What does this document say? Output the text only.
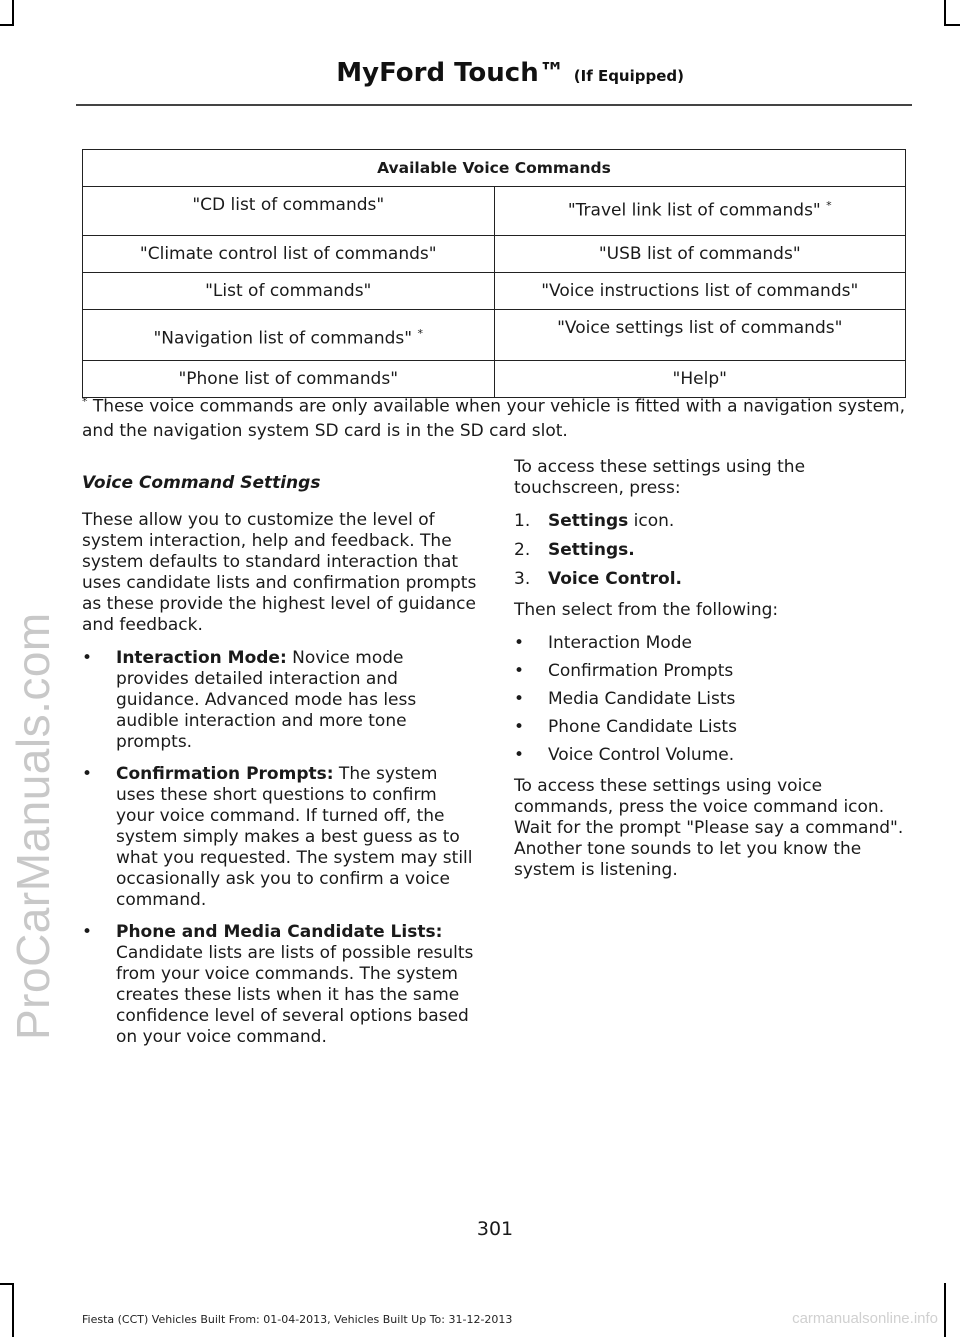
ProCarManuals.com
MyFord Touch™ (If Equipped)
Available Voice Commands	
"CD list of commands"	"Travel link list of commands" *
"Climate control list of commands"	"USB list of commands"
"List of commands"	"Voice instructions list of commands"
"Navigation list of commands" *	"Voice settings list of commands"
"Phone list of commands"	"Help"
* These voice commands are only available when your vehicle is fitted with a navigation system, and the navigation system SD card is in the SD card slot.

Voice Command Settings

These allow you to customize the level of system interaction, help and feedback. The system defaults to standard interaction that uses candidate lists and confirmation prompts as these provide the highest level of guidance and feedback.

• Interaction Mode: Novice mode provides detailed interaction and guidance. Advanced mode has less audible interaction and more tone prompts.
• Confirmation Prompts: The system uses these short questions to confirm your voice command. If turned off, the system simply makes a best guess as to what you requested. The system may still occasionally ask you to confirm a voice command.
• Phone and Media Candidate Lists: Candidate lists are lists of possible results from your voice commands. The system creates these lists when it has the same confidence level of several options based on your voice command.

To access these settings using the touchscreen, press:

1. Settings icon.
2. Settings.
3. Voice Control.

Then select from the following:

• Interaction Mode
• Confirmation Prompts
• Media Candidate Lists
• Phone Candidate Lists
• Voice Control Volume.

To access these settings using voice commands, press the voice command icon. Wait for the prompt "Please say a command". Another tone sounds to let you know the system is listening.

301
Fiesta (CCT) Vehicles Built From: 01-04-2013, Vehicles Built Up To: 31-12-2013	carmanualsonline.info
